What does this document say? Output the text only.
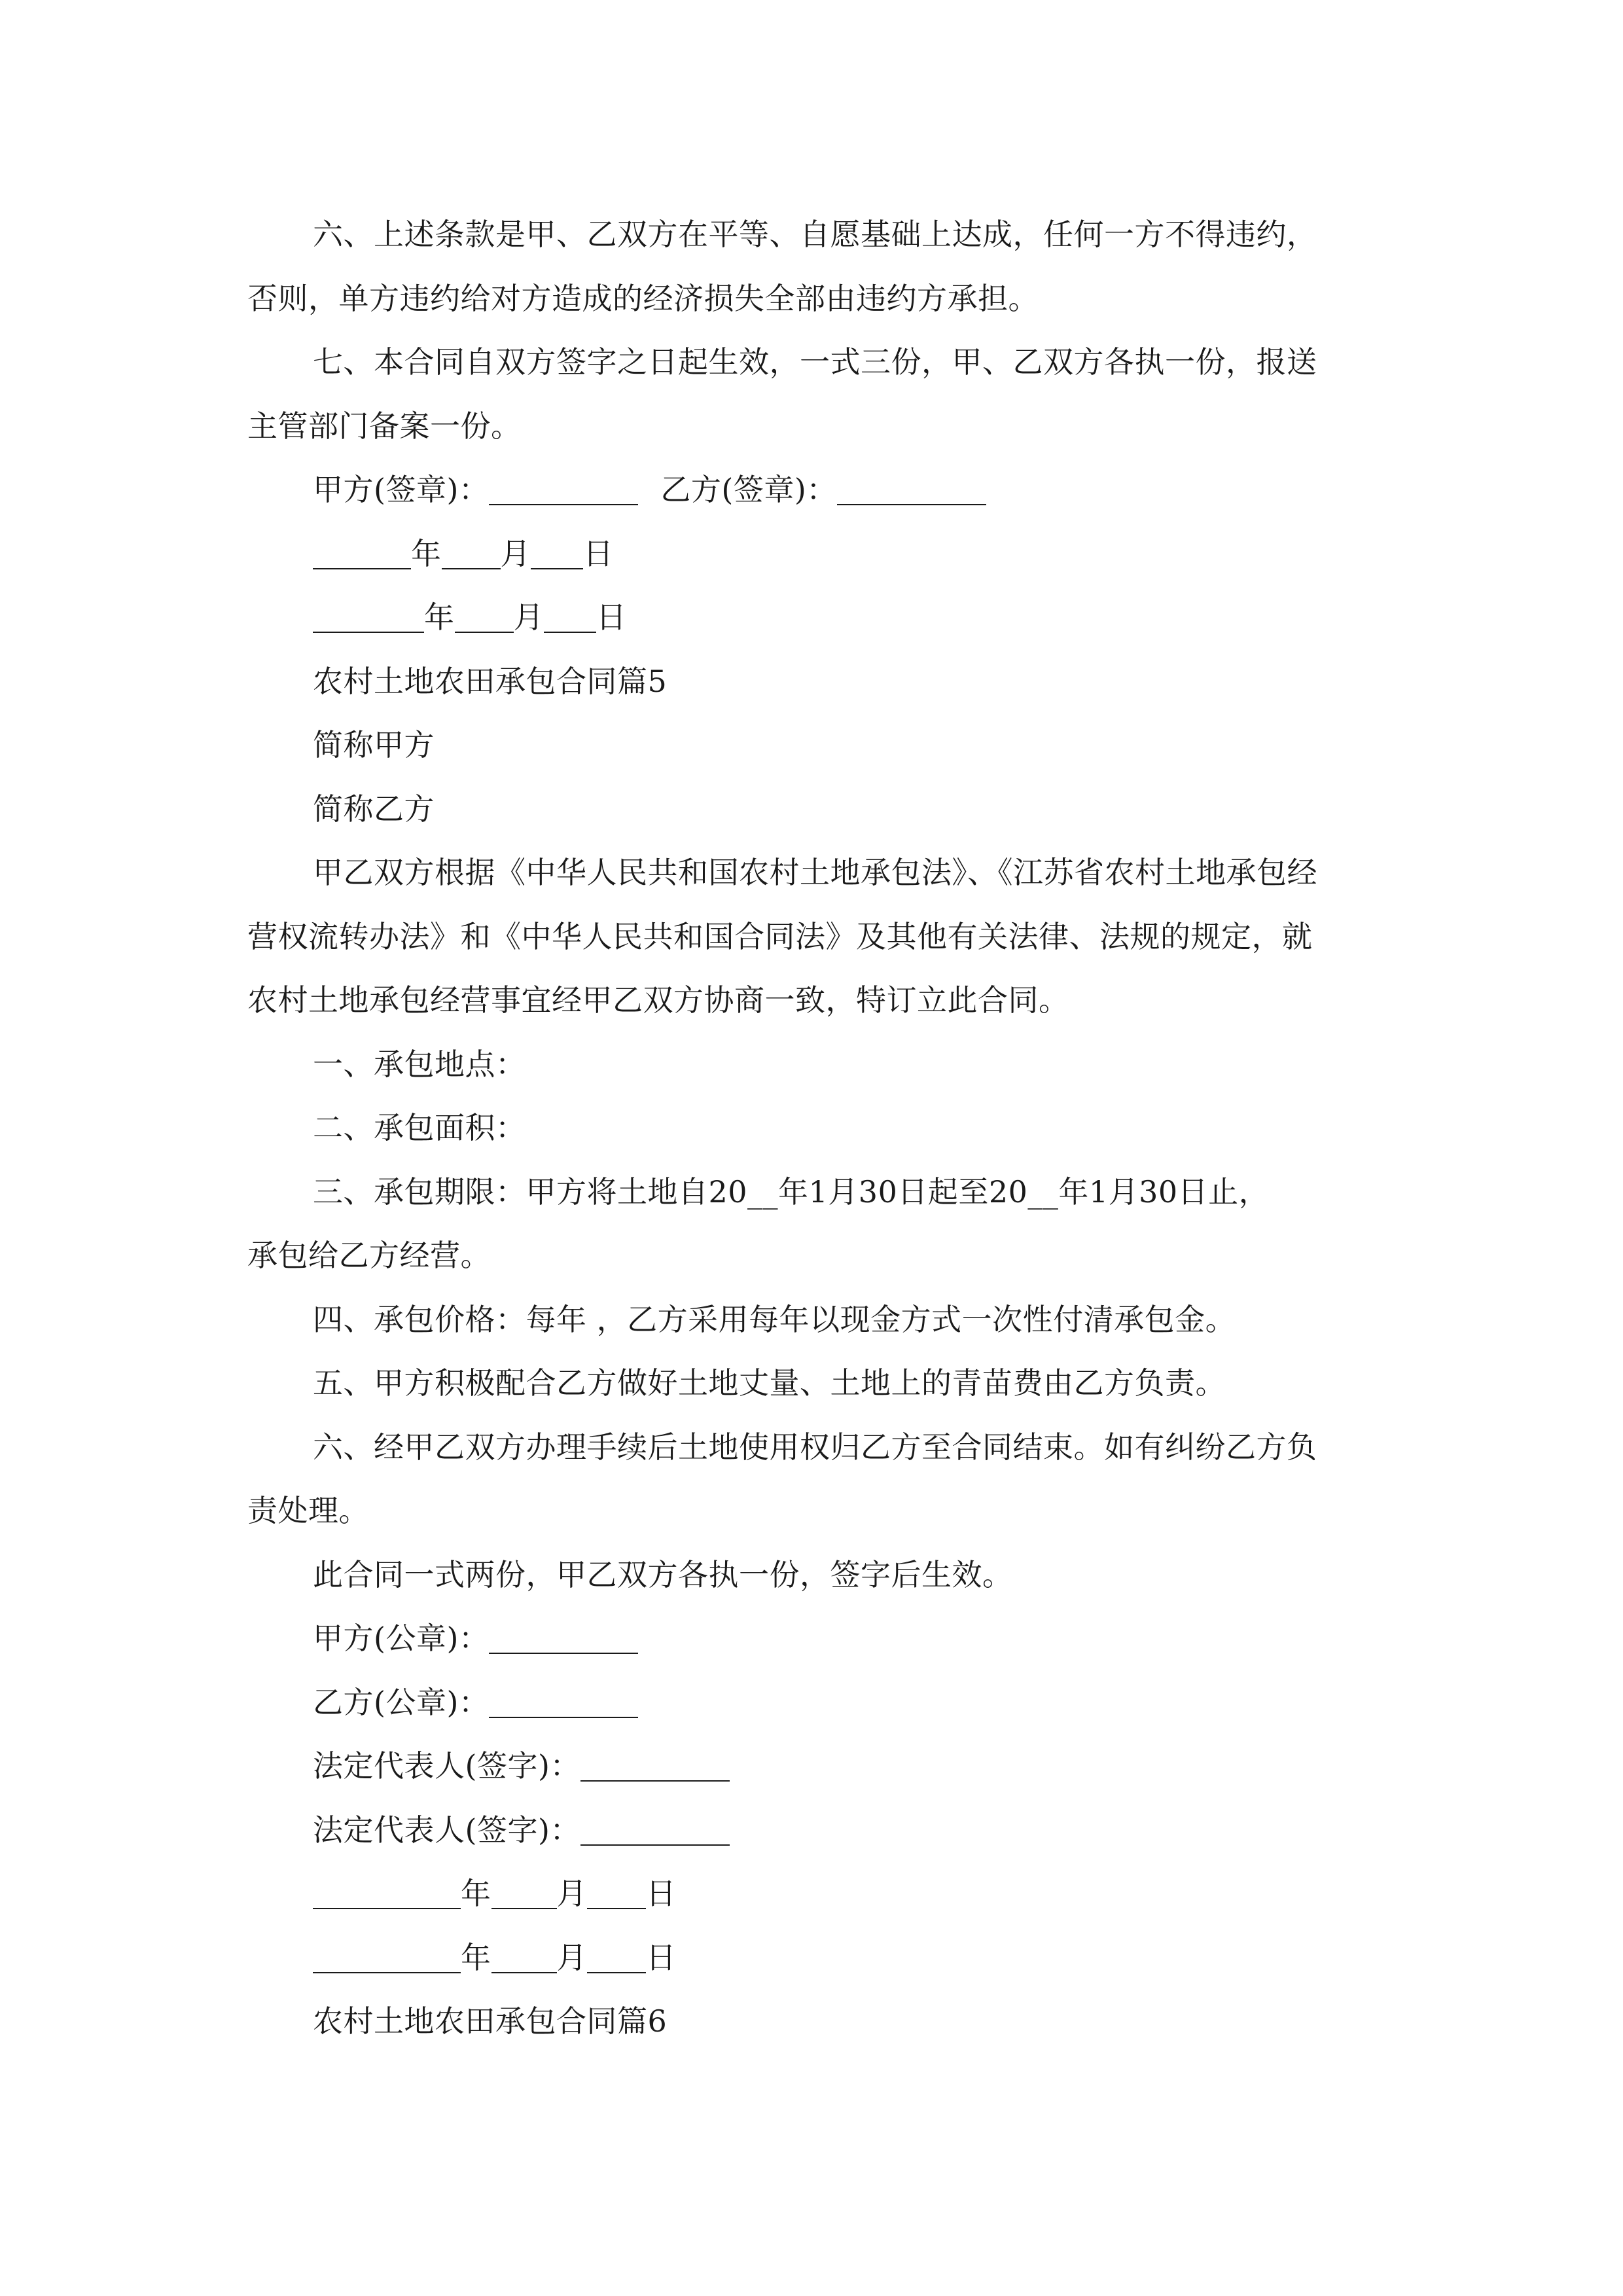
六、上述条款是甲、乙双方在平等、自愿基础上达成，任何一方不得违约，

否则，单方违约给对方造成的经济损失全部由违约方承担。

七、本合同自双方签字之日起生效，一式三份，甲、乙双方各执一份，报送

主管部门备案一份。

甲方(签章)：	乙方(签章)：

年 月 日

年 月 日

农村土地农田承包合同篇5

简称甲方

简称乙方

甲乙双方根据《中华人民共和国农村土地承包法》、《江苏省农村土地承包经

营权流转办法》和《中华人民共和国合同法》及其他有关法律、法规的规定，就

农村土地承包经营事宜经甲乙双方协商一致，特订立此合同。

一、承包地点：

二、承包面积：

三、承包期限：甲方将土地自20__年1月30日起至20__年1月30日止，

承包给乙方经营。

四、承包价格：每年 ，乙方采用每年以现金方式一次性付清承包金。

五、甲方积极配合乙方做好土地丈量、土地上的青苗费由乙方负责。

六、经甲乙双方办理手续后土地使用权归乙方至合同结束。如有纠纷乙方负

责处理。

此合同一式两份，甲乙双方各执一份，签字后生效。

甲方(公章)：

乙方(公章)：

法定代表人(签字)：

法定代表人(签字)：

年 月 日

年 月 日

农村土地农田承包合同篇6
